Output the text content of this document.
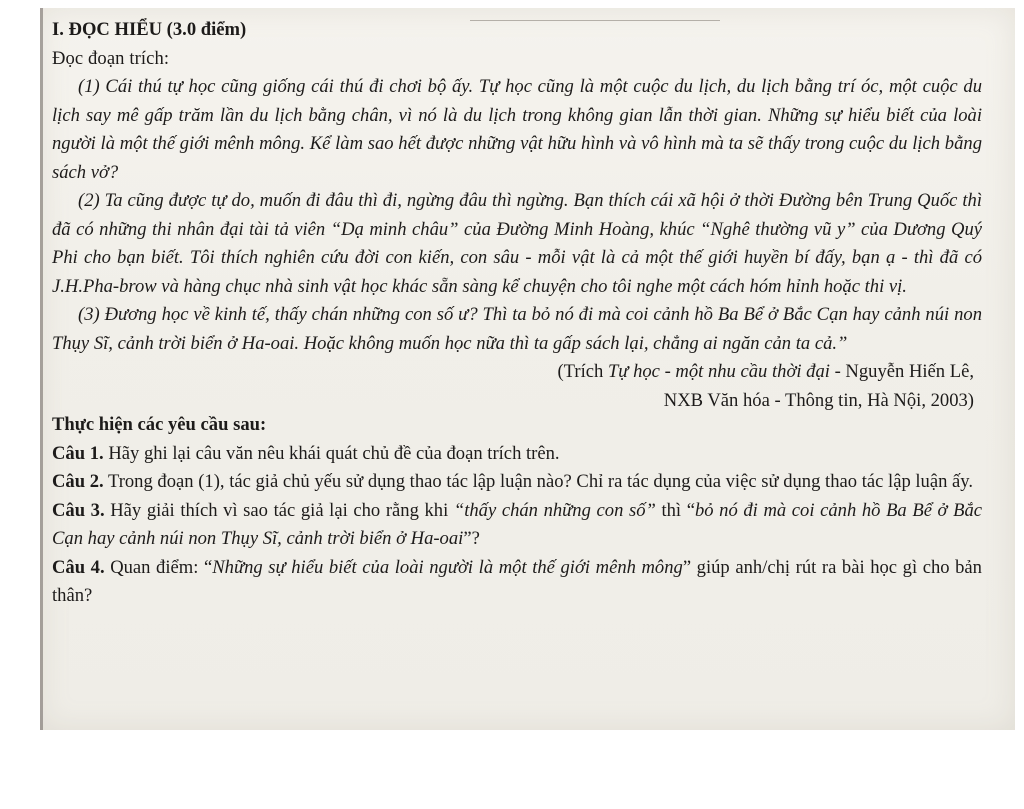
I. ĐỌC HIỂU (3.0 điểm)

Đọc đoạn trích:

(1) Cái thú tự học cũng giống cái thú đi chơi bộ ấy. Tự học cũng là một cuộc du lịch, du lịch bằng trí óc, một cuộc du lịch say mê gấp trăm lần du lịch bằng chân, vì nó là du lịch trong không gian lẫn thời gian. Những sự hiểu biết của loài người là một thế giới mênh mông. Kể làm sao hết được những vật hữu hình và vô hình mà ta sẽ thấy trong cuộc du lịch bằng sách vở?

(2) Ta cũng được tự do, muốn đi đâu thì đi, ngừng đâu thì ngừng. Bạn thích cái xã hội ở thời Đường bên Trung Quốc thì đã có những thi nhân đại tài tả viên “Dạ minh châu” của Đường Minh Hoàng, khúc “Nghê thường vũ y” của Dương Quý Phi cho bạn biết. Tôi thích nghiên cứu đời con kiến, con sâu - mỗi vật là cả một thế giới huyền bí đấy, bạn ạ - thì đã có J.H.Pha-brow và hàng chục nhà sinh vật học khác sẵn sàng kể chuyện cho tôi nghe một cách hóm hỉnh hoặc thi vị.

(3) Đương học về kinh tế, thấy chán những con số ư? Thì ta bỏ nó đi mà coi cảnh hồ Ba Bể ở Bắc Cạn hay cảnh núi non Thụy Sĩ, cảnh trời biển ở Ha-oai. Hoặc không muốn học nữa thì ta gấp sách lại, chẳng ai ngăn cản ta cả.”

(Trích Tự học - một nhu cầu thời đại - Nguyễn Hiến Lê,

NXB Văn hóa - Thông tin, Hà Nội, 2003)

Thực hiện các yêu cầu sau:

Câu 1. Hãy ghi lại câu văn nêu khái quát chủ đề của đoạn trích trên.

Câu 2. Trong đoạn (1), tác giả chủ yếu sử dụng thao tác lập luận nào? Chỉ ra tác dụng của việc sử dụng thao tác lập luận ấy.

Câu 3. Hãy giải thích vì sao tác giả lại cho rằng khi “thấy chán những con số” thì “bỏ nó đi mà coi cảnh hồ Ba Bể ở Bắc Cạn hay cảnh núi non Thụy Sĩ, cảnh trời biển ở Ha-oai”?

Câu 4. Quan điểm: “Những sự hiểu biết của loài người là một thế giới mênh mông” giúp anh/chị rút ra bài học gì cho bản thân?
